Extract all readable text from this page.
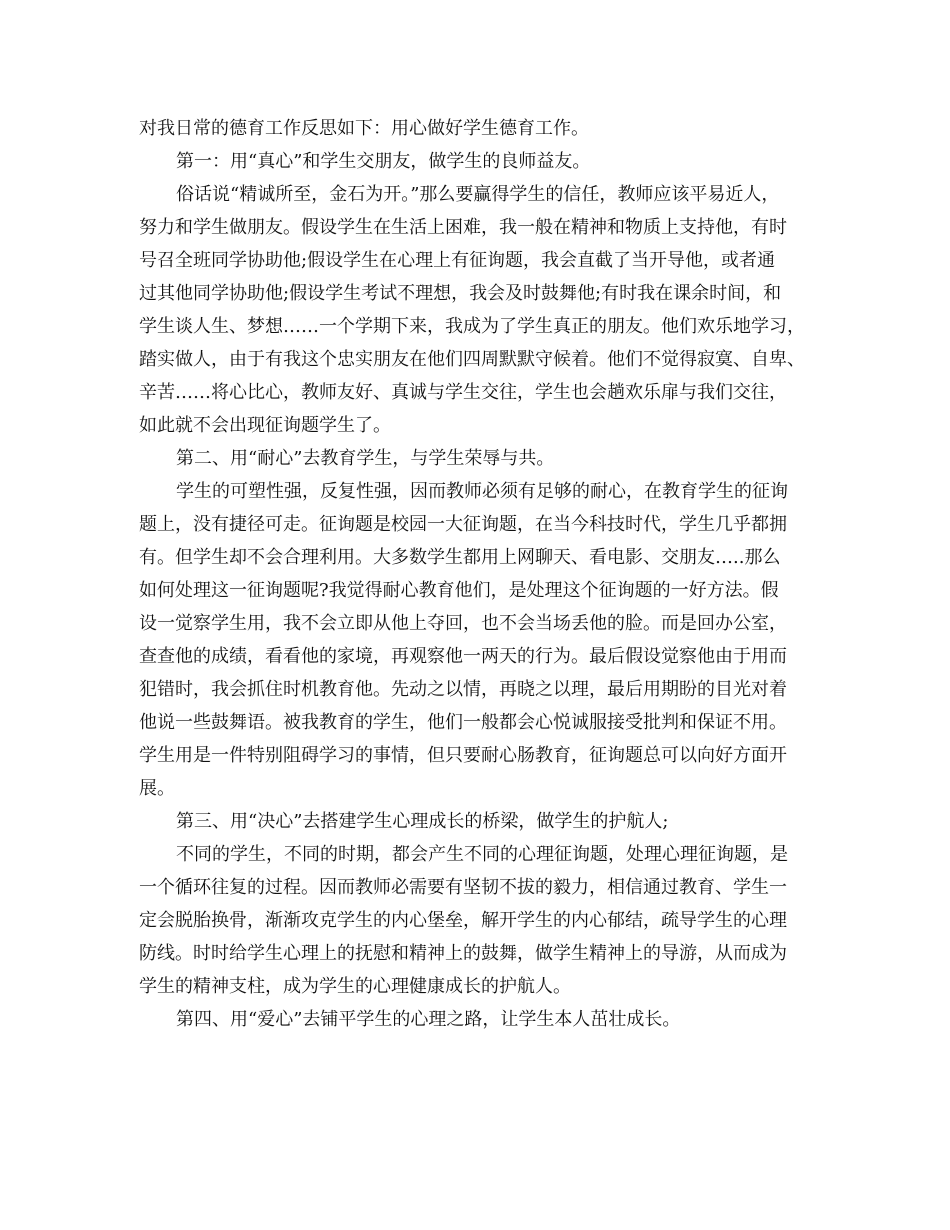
对我日常的德育工作反思如下：用心做好学生德育工作。
第一：用“真心”和学生交朋友，做学生的良师益友。
俗话说“精诚所至，金石为开。”那么要赢得学生的信任，教师应该平易近人，
努力和学生做朋友。假设学生在生活上困难，我一般在精神和物质上支持他，有时
号召全班同学协助他;假设学生在心理上有征询题，我会直截了当开导他，或者通
过其他同学协助他;假设学生考试不理想，我会及时鼓舞他;有时我在课余时间，和
学生谈人生、梦想……一个学期下来，我成为了学生真正的朋友。他们欢乐地学习，
踏实做人，由于有我这个忠实朋友在他们四周默默守候着。他们不觉得寂寞、自卑、
辛苦……将心比心，教师友好、真诚与学生交往，学生也会趟欢乐扉与我们交往，
如此就不会出现征询题学生了。
第二、用“耐心”去教育学生，与学生荣辱与共。
学生的可塑性强，反复性强，因而教师必须有足够的耐心，在教育学生的征询
题上，没有捷径可走。征询题是校园一大征询题，在当今科技时代，学生几乎都拥
有。但学生却不会合理利用。大多数学生都用上网聊天、看电影、交朋友…..那么
如何处理这一征询题呢?我觉得耐心教育他们，是处理这个征询题的一好方法。假
设一觉察学生用，我不会立即从他上夺回，也不会当场丢他的脸。而是回办公室，
查查他的成绩，看看他的家境，再观察他一两天的行为。最后假设觉察他由于用而
犯错时，我会抓住时机教育他。先动之以情，再晓之以理，最后用期盼的目光对着
他说一些鼓舞语。被我教育的学生，他们一般都会心悦诚服接受批判和保证不用。
学生用是一件特别阻碍学习的事情，但只要耐心肠教育，征询题总可以向好方面开
展。
第三、用“决心”去搭建学生心理成长的桥梁，做学生的护航人;
不同的学生，不同的时期，都会产生不同的心理征询题，处理心理征询题，是
一个循环往复的过程。因而教师必需要有坚韧不拔的毅力，相信通过教育、学生一
定会脱胎换骨，渐渐攻克学生的内心堡垒，解开学生的内心郁结，疏导学生的心理
防线。时时给学生心理上的抚慰和精神上的鼓舞，做学生精神上的导游，从而成为
学生的精神支柱，成为学生的心理健康成长的护航人。
第四、用“爱心”去铺平学生的心理之路，让学生本人茁壮成长。
